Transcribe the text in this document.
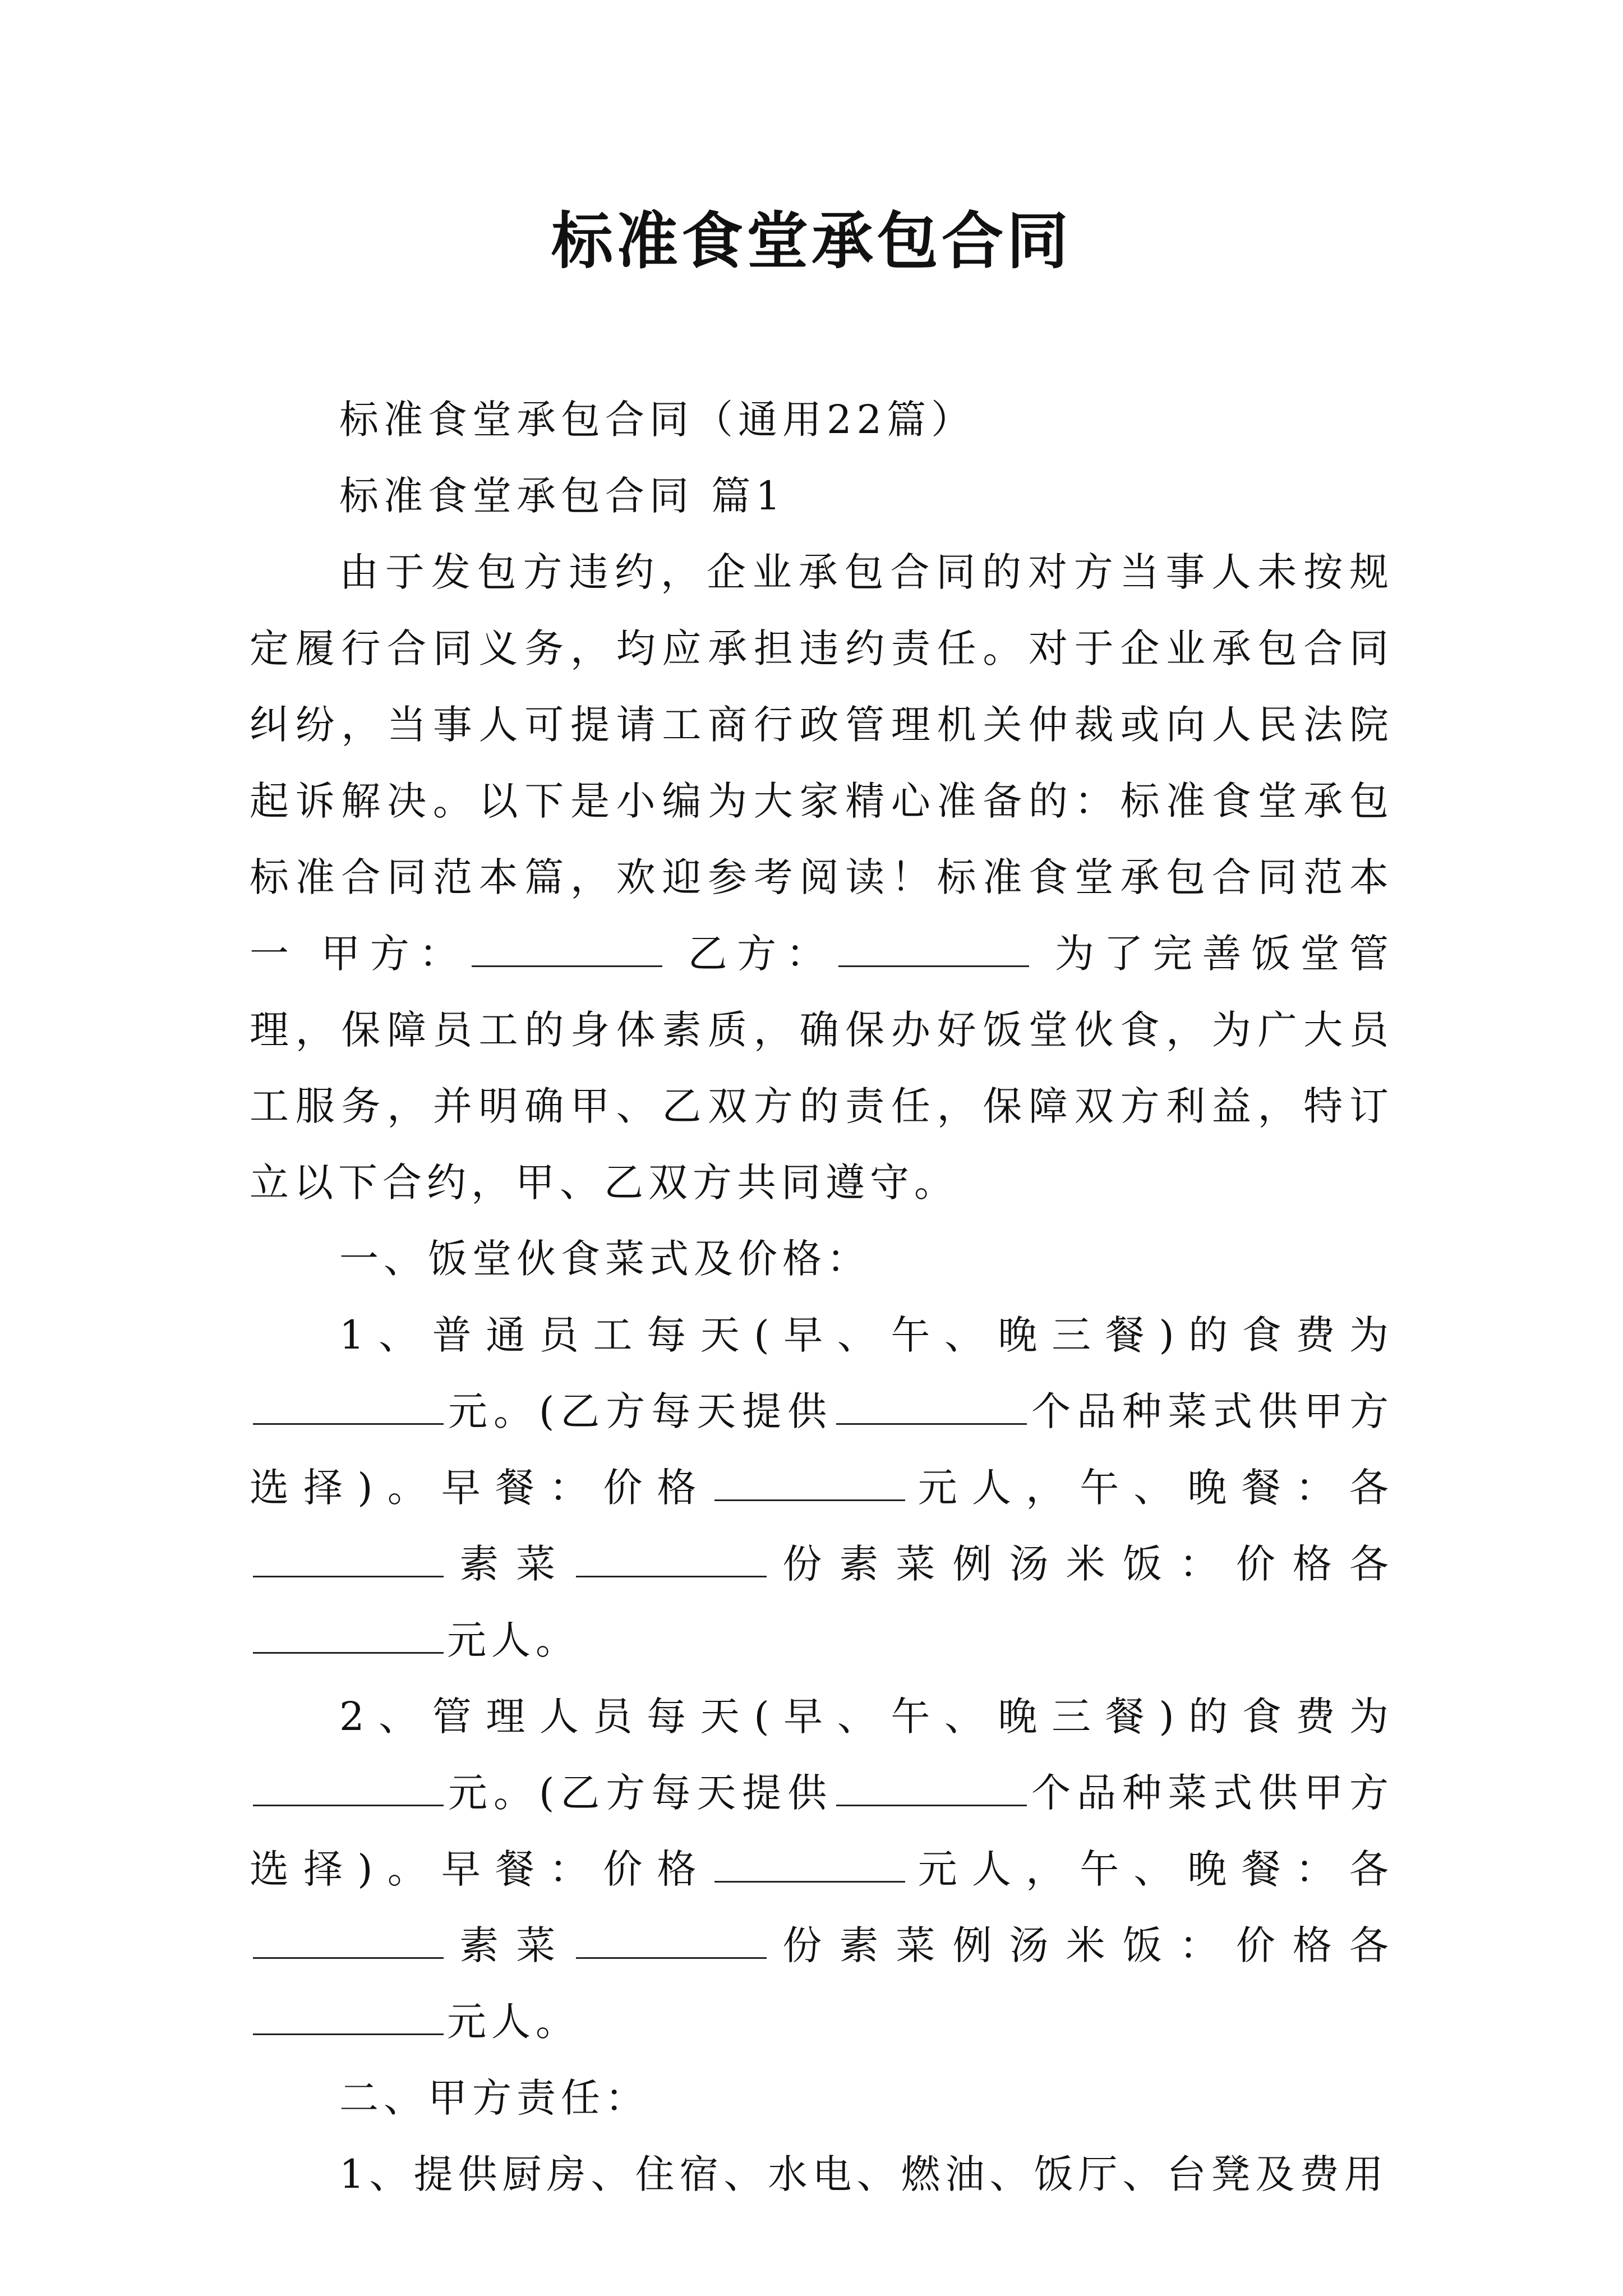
标准食堂承包合同

标准食堂承包合同（通用22篇）

标准食堂承包合同 篇1

由于发包方违约，企业承包合同的对方当事人未按规定履行合同义务，均应承担违约责任。对于企业承包合同纠纷，当事人可提请工商行政管理机关仲裁或向人民法院起诉解决。以下是小编为大家精心准备的：标准食堂承包标准合同范本篇，欢迎参考阅读！标准食堂承包合同范本一 甲方：	乙方：	为了完善饭堂管理，保障员工的身体素质，确保办好饭堂伙食，为广大员工服务，并明确甲、乙双方的责任，保障双方利益，特订立以下合约，甲、乙双方共同遵守。

一、饭堂伙食菜式及价格：

1、普通员工每天(早、午、晚三餐)的食费为元。(乙方每天提供	个品种菜式供甲方选择)。早餐：价格	元人，午、晚餐：各素菜	份素菜例汤米饭：价格各元人。

2、管理人员每天(早、午、晚三餐)的食费为元。(乙方每天提供	个品种菜式供甲方选择)。早餐：价格	元人，午、晚餐：各素菜	份素菜例汤米饭：价格各元人。

二、甲方责任：

1、提供厨房、住宿、水电、燃油、饭厅、台凳及费用
